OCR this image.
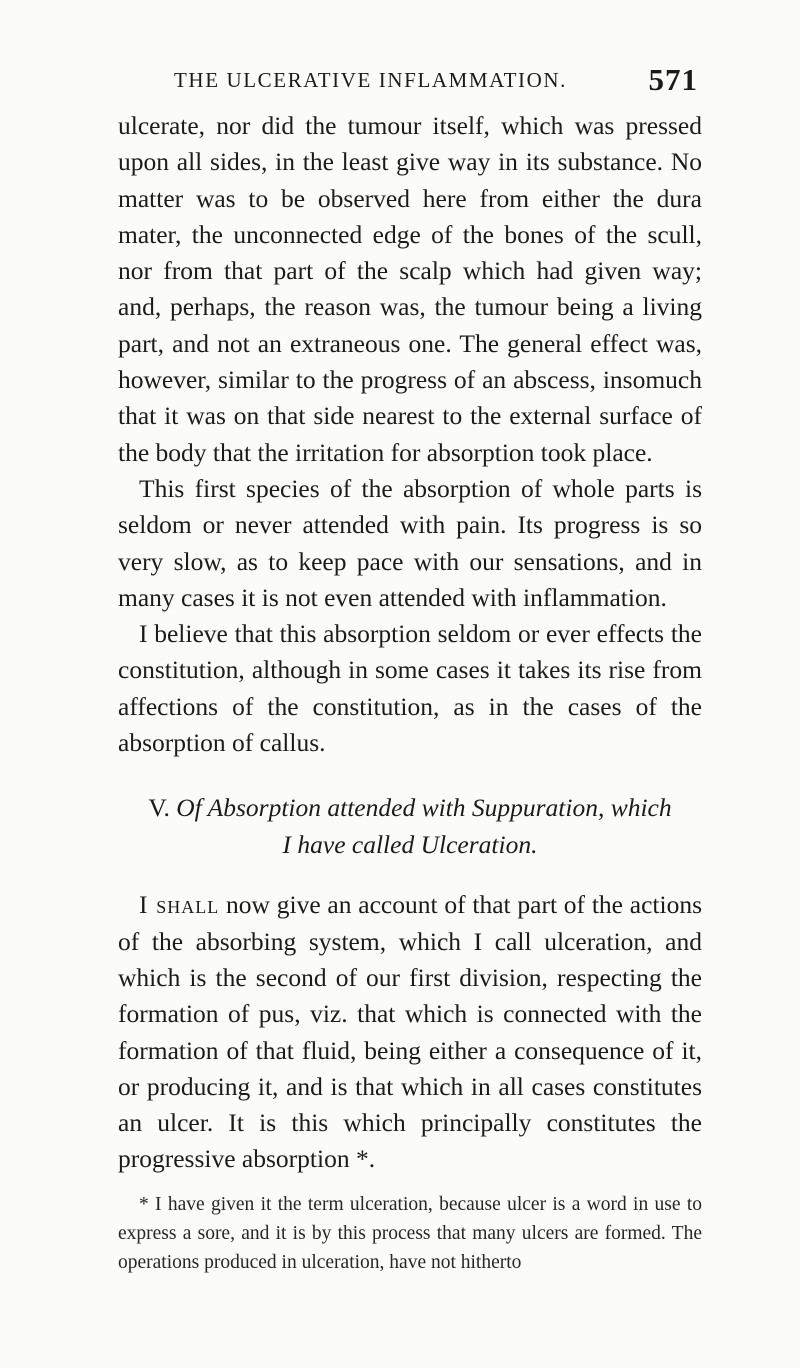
THE ULCERATIVE INFLAMMATION.	571

ulcerate, nor did the tumour itself, which was pressed upon all sides, in the least give way in its substance. No matter was to be observed here from either the dura mater, the unconnected edge of the bones of the scull, nor from that part of the scalp which had given way; and, perhaps, the reason was, the tumour being a living part, and not an extraneous one. The general effect was, however, similar to the progress of an abscess, insomuch that it was on that side nearest to the external surface of the body that the irritation for absorption took place.

This first species of the absorption of whole parts is seldom or never attended with pain. Its progress is so very slow, as to keep pace with our sensations, and in many cases it is not even attended with inflammation.

I believe that this absorption seldom or ever effects the constitution, although in some cases it takes its rise from affections of the constitution, as in the cases of the absorption of callus.

V. Of Absorption attended with Suppuration, which
I have called Ulceration.

I shall now give an account of that part of the actions of the absorbing system, which I call ulceration, and which is the second of our first division, respecting the formation of pus, viz. that which is connected with the formation of that fluid, being either a consequence of it, or producing it, and is that which in all cases constitutes an ulcer. It is this which principally constitutes the progressive absorption *.

* I have given it the term ulceration, because ulcer is a word in use to express a sore, and it is by this process that many ulcers are formed. The operations produced in ulceration, have not hitherto
